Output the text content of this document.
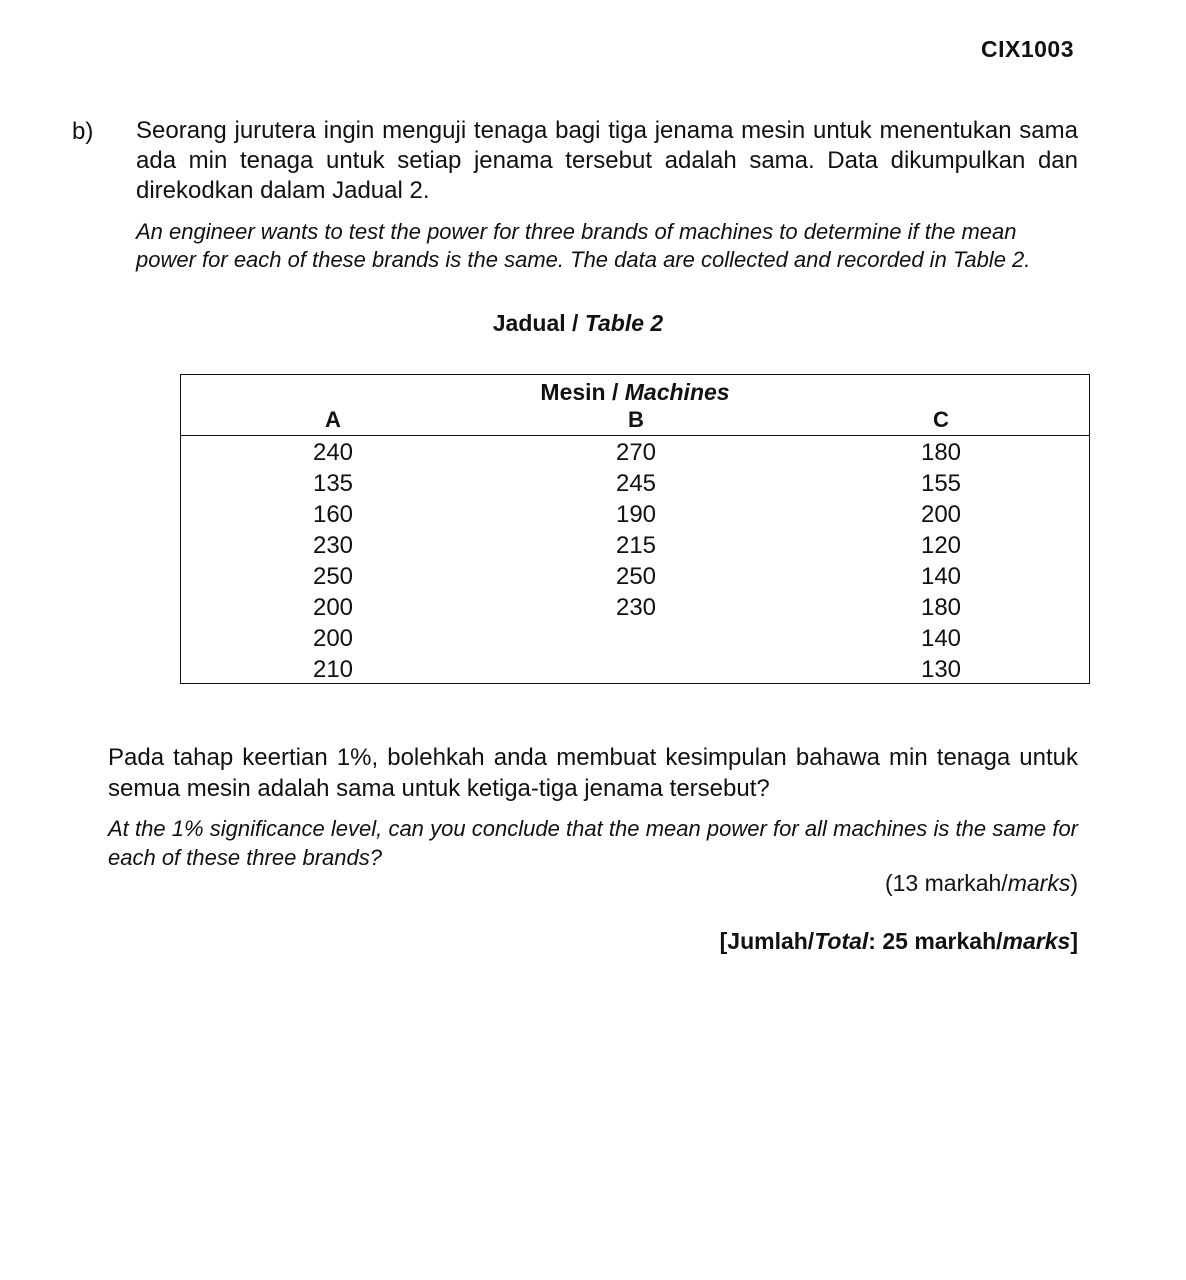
CIX1003
b) Seorang jurutera ingin menguji tenaga bagi tiga jenama mesin untuk menentukan sama ada min tenaga untuk setiap jenama tersebut adalah sama. Data dikumpulkan dan direkodkan dalam Jadual 2.
An engineer wants to test the power for three brands of machines to determine if the mean power for each of these brands is the same. The data are collected and recorded in Table 2.
Jadual / Table 2
Mesin / Machines
A	B	C
240
135
160
230
250
200
200
210
270
245
190
215
250
230
180
155
200
120
140
180
140
130
Pada tahap keertian 1%, bolehkah anda membuat kesimpulan bahawa min tenaga untuk semua mesin adalah sama untuk ketiga-tiga jenama tersebut?
At the 1% significance level, can you conclude that the mean power for all machines is the same for each of these three brands?
(13 markah/marks)
[Jumlah/Total: 25 markah/marks]
